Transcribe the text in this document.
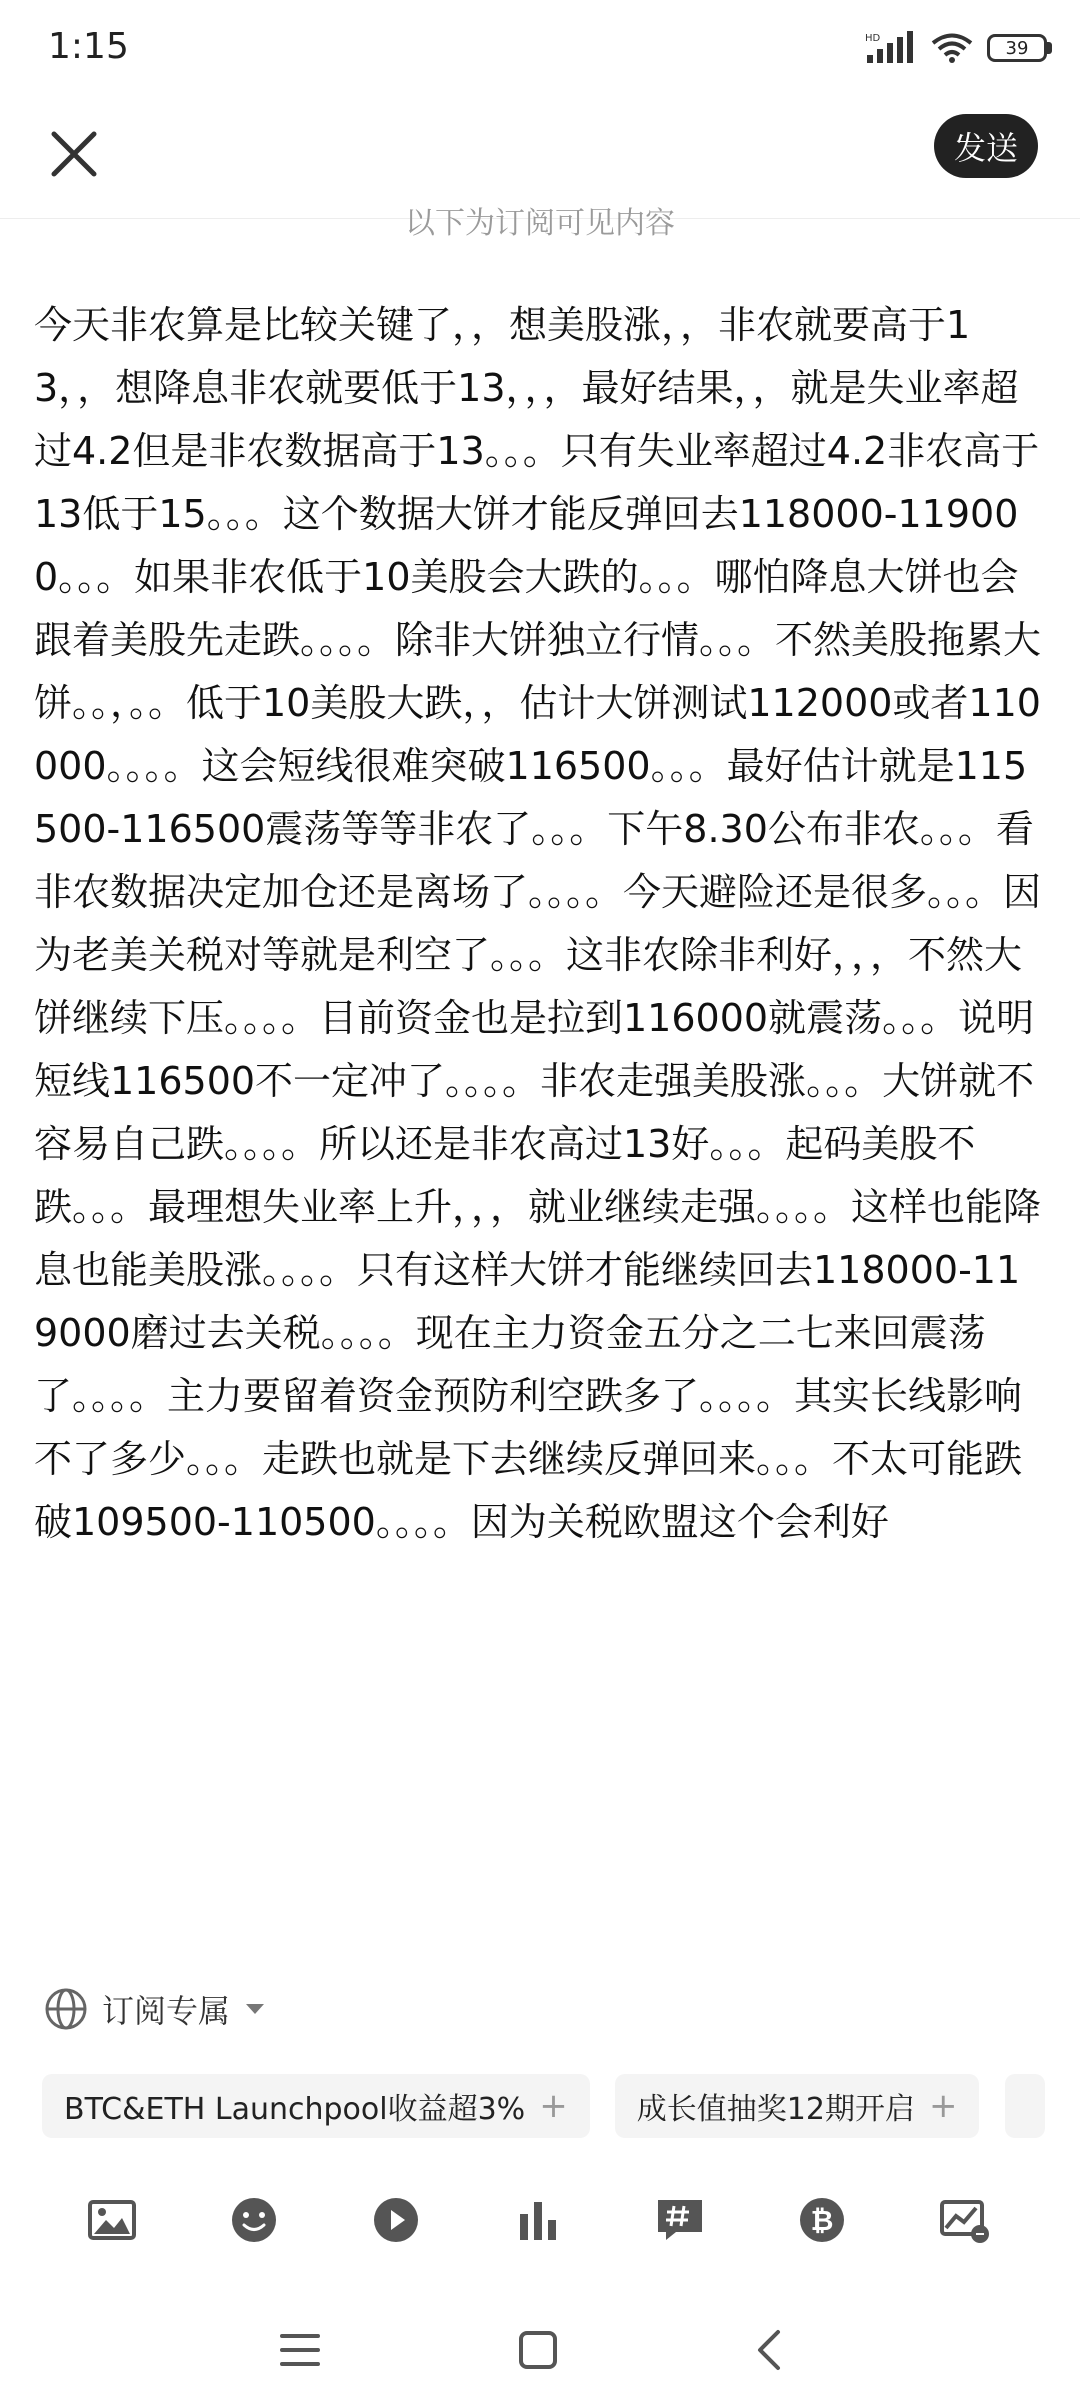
1:15	HD	39
发送
以下为订阅可见内容

今天非农算是比较关键了，，想美股涨，，非农就要高于13，，想降息非农就要低于13，，，最好结果，，就是失业率超过4.2但是非农数据高于13。。。只有失业率超过4.2非农高于13低于15。。。这个数据大饼才能反弹回去118000-119000。。。如果非农低于10美股会大跌的。。。哪怕降息大饼也会跟着美股先走跌。。。。除非大饼独立行情。。。不然美股拖累大饼。。，。。低于10美股大跌，，估计大饼测试112000或者110000。。。。这会短线很难突破116500。。。最好估计就是115500-116500震荡等等非农了。。。下午8.30公布非农。。。看非农数据决定加仓还是离场了。。。。今天避险还是很多。。。因为老美关税对等就是利空了。。。这非农除非利好，，，不然大饼继续下压。。。。目前资金也是拉到116000就震荡。。。说明短线116500不一定冲了。。。。非农走强美股涨。。。大饼就不容易自己跌。。。。所以还是非农高过13好。。。起码美股不跌。。。最理想失业率上升，，，就业继续走强。。。。这样也能降息也能美股涨。。。。只有这样大饼才能继续回去118000-119000磨过去关税。。。。现在主力资金五分之二七来回震荡了。。。。主力要留着资金预防利空跌多了。。。。其实长线影响不了多少。。。走跌也就是下去继续反弹回来。。。不太可能跌破109500-110500。。。。因为关税欧盟这个会利好

订阅专属
BTC&ETH Launchpool收益超3% +
成长值抽奖12期开启 +

₿
